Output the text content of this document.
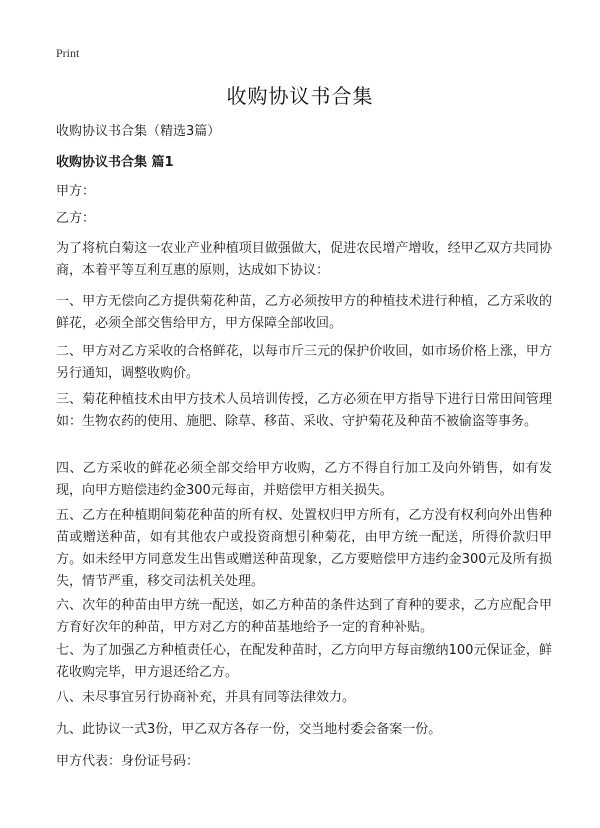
Print
收购协议书合集
收购协议书合集（精选3篇）
收购协议书合集 篇1
甲方：
乙方：
为了将杭白菊这一农业产业种植项目做强做大，促进农民增产增收，经甲乙双方共同协商，本着平等互利互惠的原则，达成如下协议：
一、甲方无偿向乙方提供菊花种苗，乙方必须按甲方的种植技术进行种植，乙方采收的鲜花，必须全部交售给甲方，甲方保障全部收回。
二、甲方对乙方采收的合格鲜花，以每市斤三元的保护价收回，如市场价格上涨，甲方另行通知，调整收购价。
三、菊花种植技术由甲方技术人员培训传授，乙方必须在甲方指导下进行日常田间管理如：生物农药的使用、施肥、除草、移苗、采收、守护菊花及种苗不被偷盗等事务。
四、乙方采收的鲜花必须全部交给甲方收购，乙方不得自行加工及向外销售，如有发现，向甲方赔偿违约金300元每亩，并赔偿甲方相关损失。
五、乙方在种植期间菊花种苗的所有权、处置权归甲方所有，乙方没有权利向外出售种苗或赠送种苗，如有其他农户或投资商想引种菊花，由甲方统一配送，所得价款归甲方。如未经甲方同意发生出售或赠送种苗现象，乙方要赔偿甲方违约金300元及所有损失，情节严重，移交司法机关处理。
六、次年的种苗由甲方统一配送，如乙方种苗的条件达到了育种的要求，乙方应配合甲方育好次年的种苗，甲方对乙方的种苗基地给予一定的育种补贴。
七、为了加强乙方种植责任心，在配发种苗时，乙方向甲方每亩缴纳100元保证金，鲜花收购完毕，甲方退还给乙方。
八、未尽事宜另行协商补充，并具有同等法律效力。
九、此协议一式3份，甲乙双方各存一份，交当地村委会备案一份。
甲方代表：身份证号码：
